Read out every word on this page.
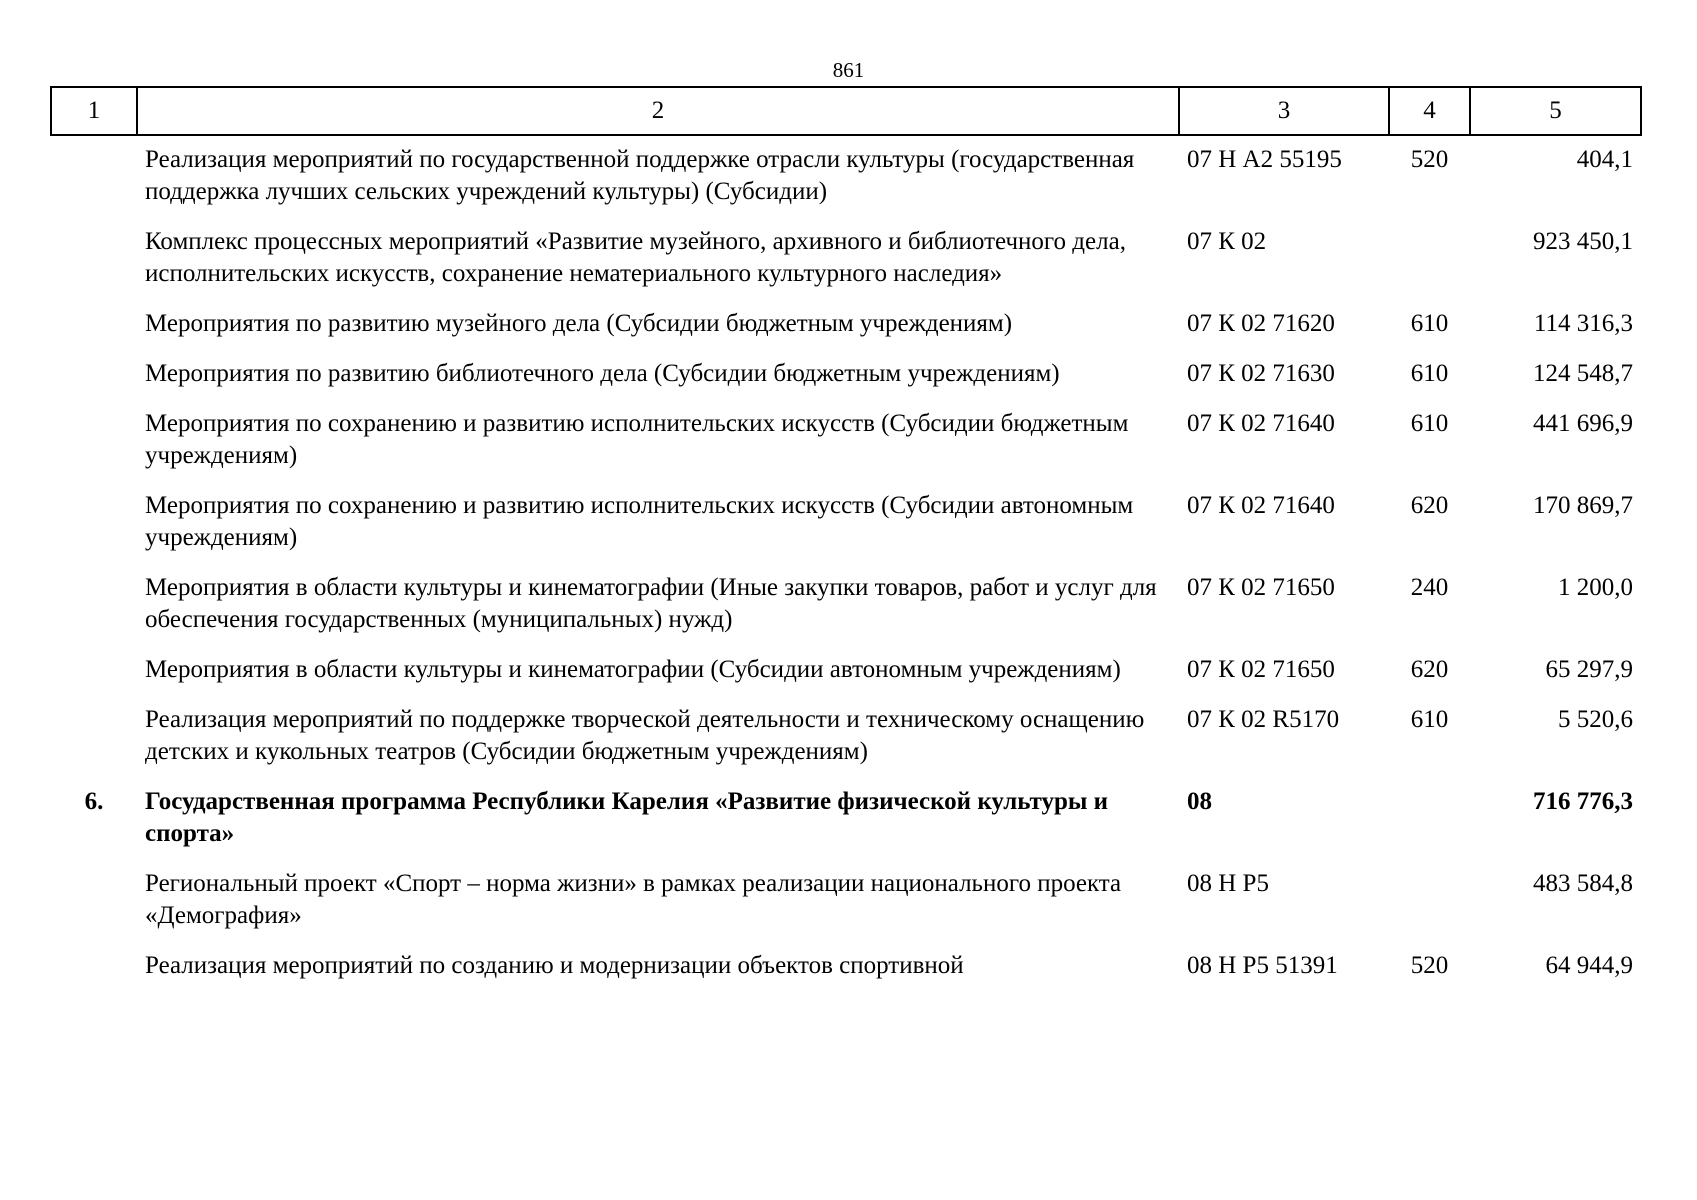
861
1	2	3	4	5
	Реализация мероприятий по государственной поддержке отрасли культуры (государственная поддержка лучших сельских учреждений культуры) (Субсидии)	07 Н А2 55195	520	404,1
	Комплекс процессных мероприятий «Развитие музейного, архивного и библиотечного дела, исполнительских искусств, сохранение нематериального культурного наследия»	07 К 02		923 450,1
	Мероприятия по развитию музейного дела (Субсидии бюджетным учреждениям)	07 К 02 71620	610	114 316,3
	Мероприятия по развитию библиотечного дела (Субсидии бюджетным учреждениям)	07 К 02 71630	610	124 548,7
	Мероприятия по сохранению и развитию исполнительских искусств (Субсидии бюджетным учреждениям)	07 К 02 71640	610	441 696,9
	Мероприятия по сохранению и развитию исполнительских искусств (Субсидии автономным учреждениям)	07 К 02 71640	620	170 869,7
	Мероприятия в области культуры и кинематографии (Иные закупки товаров, работ и услуг для обеспечения государственных (муниципальных) нужд)	07 К 02 71650	240	1 200,0
	Мероприятия в области культуры и кинематографии (Субсидии автономным учреждениям)	07 К 02 71650	620	65 297,9
	Реализация мероприятий по поддержке творческой деятельности и техническому оснащению детских и кукольных театров (Субсидии бюджетным учреждениям)	07 К 02 R5170	610	5 520,6
6.	Государственная программа Республики Карелия «Развитие физической культуры и спорта»	08		716 776,3
	Региональный проект «Спорт – норма жизни» в рамках реализации национального проекта «Демография»	08 Н Р5		483 584,8
	Реализация мероприятий по созданию и модернизации объектов спортивной	08 Н Р5 51391	520	64 944,9
